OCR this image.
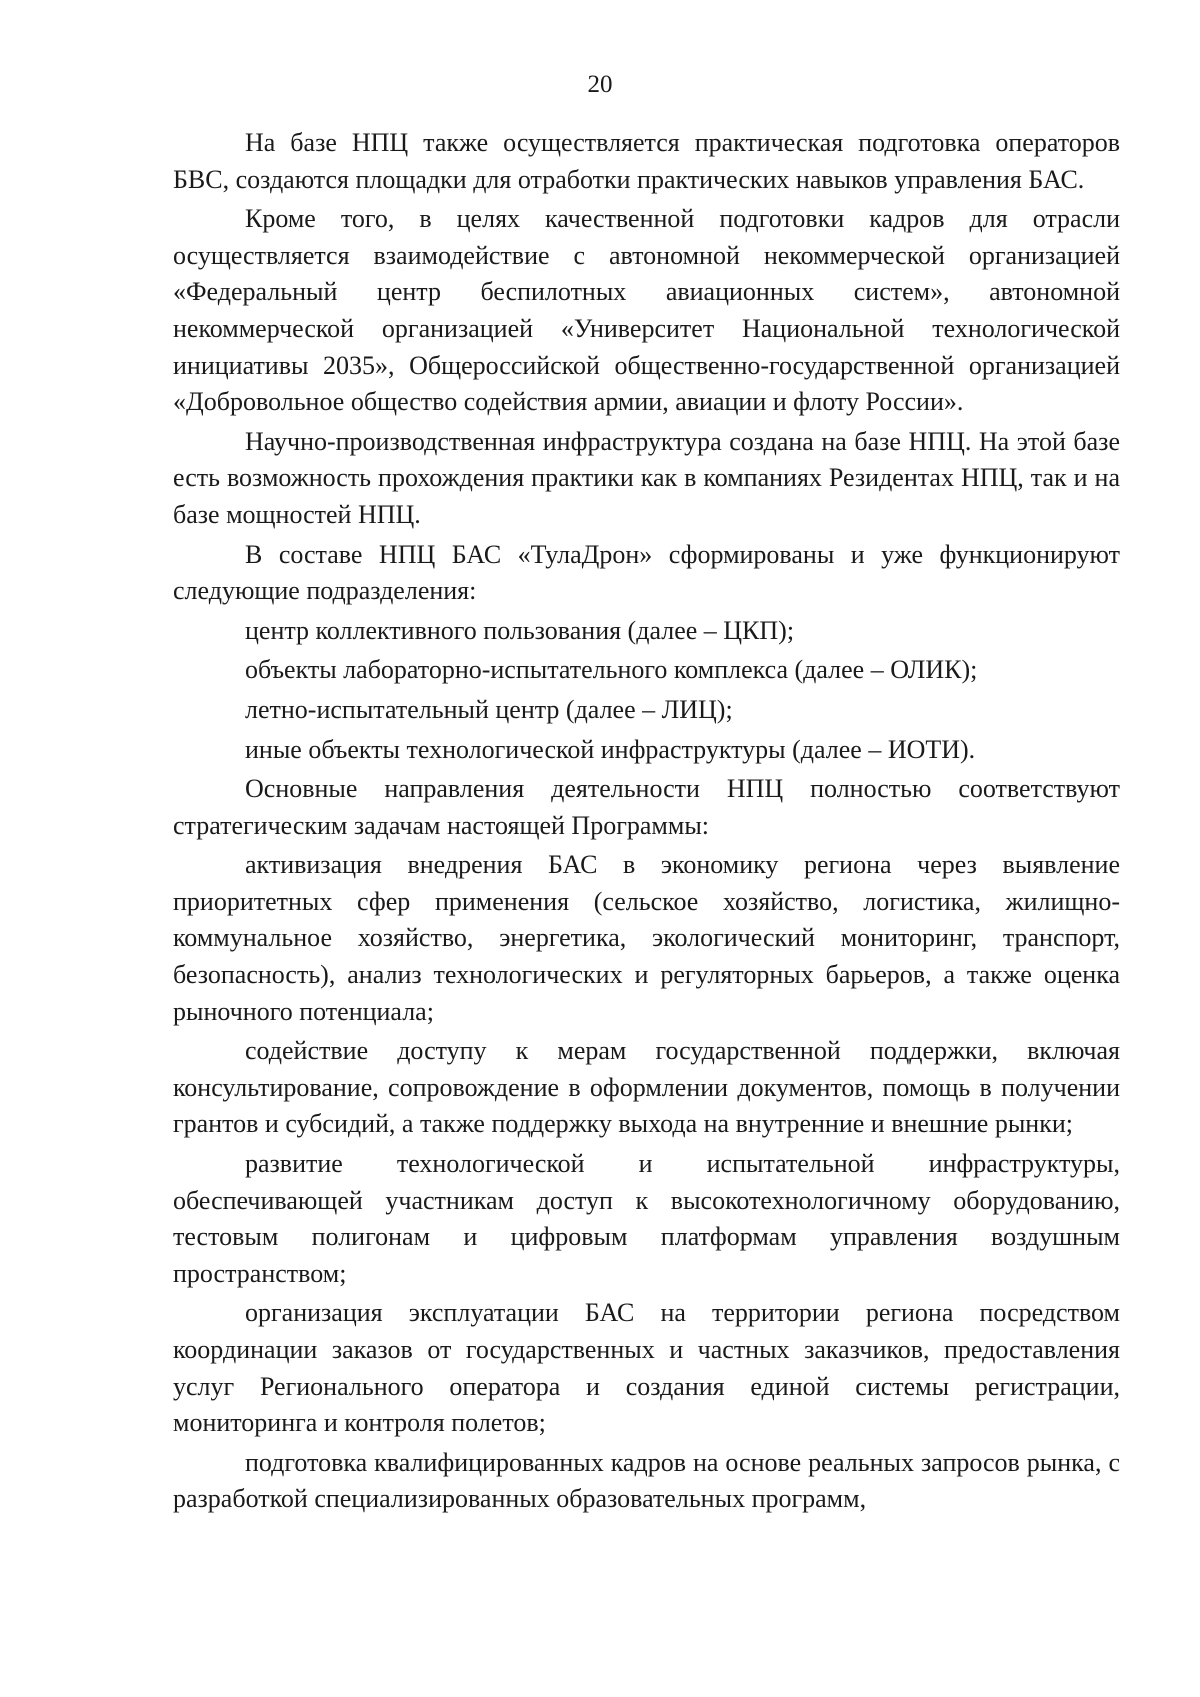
20

На базе НПЦ также осуществляется практическая подготовка операторов БВС, создаются площадки для отработки практических навыков управления БАС.

Кроме того, в целях качественной подготовки кадров для отрасли осуществляется взаимодействие с автономной некоммерческой организацией «Федеральный центр беспилотных авиационных систем», автономной некоммерческой организацией «Университет Национальной технологической инициативы 2035», Общероссийской общественно-государственной организацией «Добровольное общество содействия армии, авиации и флоту России».

Научно-производственная инфраструктура создана на базе НПЦ. На этой базе есть возможность прохождения практики как в компаниях Резидентах НПЦ, так и на базе мощностей НПЦ.

В составе НПЦ БАС «ТулаДрон» сформированы и уже функционируют следующие подразделения:

центр коллективного пользования (далее – ЦКП);

объекты лабораторно-испытательного комплекса (далее – ОЛИК);

летно-испытательный центр (далее – ЛИЦ);

иные объекты технологической инфраструктуры (далее – ИОТИ).

Основные направления деятельности НПЦ полностью соответствуют стратегическим задачам настоящей Программы:

активизация внедрения БАС в экономику региона через выявление приоритетных сфер применения (сельское хозяйство, логистика, жилищно-коммунальное хозяйство, энергетика, экологический мониторинг, транспорт, безопасность), анализ технологических и регуляторных барьеров, а также оценка рыночного потенциала;

содействие доступу к мерам государственной поддержки, включая консультирование, сопровождение в оформлении документов, помощь в получении грантов и субсидий, а также поддержку выхода на внутренние и внешние рынки;

развитие технологической и испытательной инфраструктуры, обеспечивающей участникам доступ к высокотехнологичному оборудованию, тестовым полигонам и цифровым платформам управления воздушным пространством;

организация эксплуатации БАС на территории региона посредством координации заказов от государственных и частных заказчиков, предоставления услуг Регионального оператора и создания единой системы регистрации, мониторинга и контроля полетов;

подготовка квалифицированных кадров на основе реальных запросов рынка, с разработкой специализированных образовательных программ,
